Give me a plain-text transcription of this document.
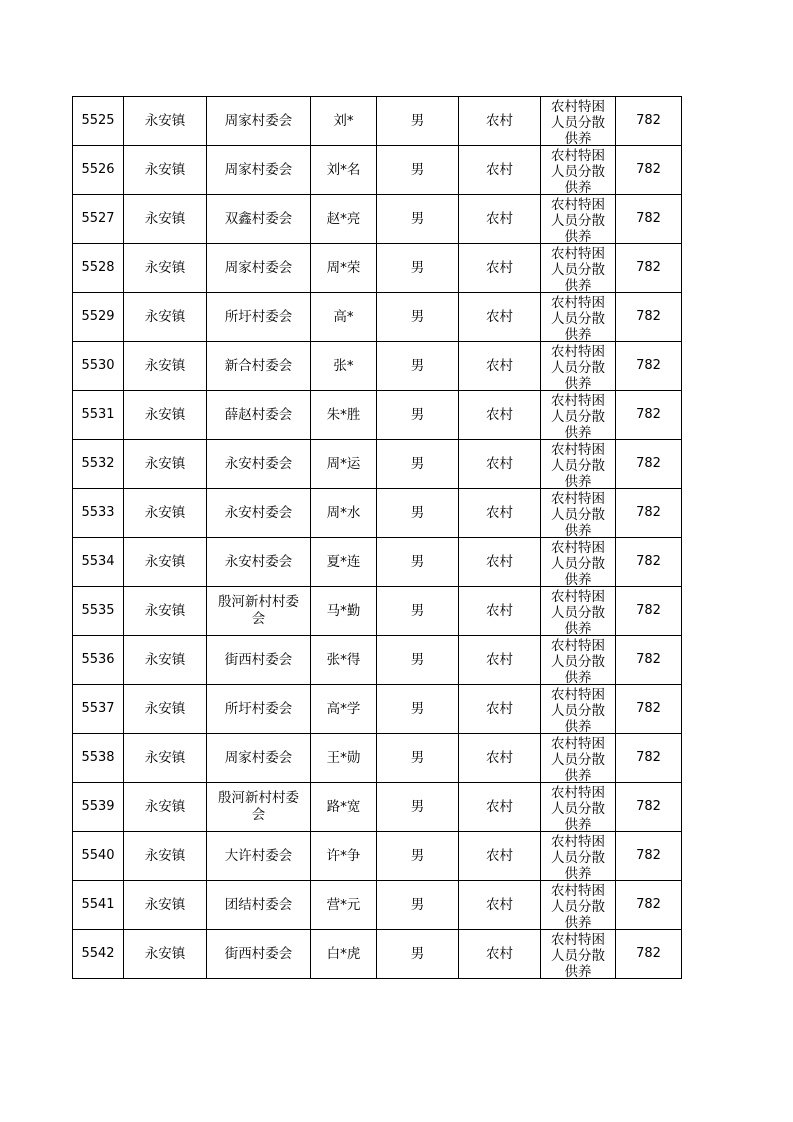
5525	永安镇	周家村委会	刘*	男	农村	农村特困人员分散供养	782
5526	永安镇	周家村委会	刘*名	男	农村	农村特困人员分散供养	782
5527	永安镇	双鑫村委会	赵*亮	男	农村	农村特困人员分散供养	782
5528	永安镇	周家村委会	周*荣	男	农村	农村特困人员分散供养	782
5529	永安镇	所圩村委会	高*	男	农村	农村特困人员分散供养	782
5530	永安镇	新合村委会	张*	男	农村	农村特困人员分散供养	782
5531	永安镇	薛赵村委会	朱*胜	男	农村	农村特困人员分散供养	782
5532	永安镇	永安村委会	周*运	男	农村	农村特困人员分散供养	782
5533	永安镇	永安村委会	周*水	男	农村	农村特困人员分散供养	782
5534	永安镇	永安村委会	夏*连	男	农村	农村特困人员分散供养	782
5535	永安镇	殷河新村村委会	马*勤	男	农村	农村特困人员分散供养	782
5536	永安镇	街西村委会	张*得	男	农村	农村特困人员分散供养	782
5537	永安镇	所圩村委会	高*学	男	农村	农村特困人员分散供养	782
5538	永安镇	周家村委会	王*勋	男	农村	农村特困人员分散供养	782
5539	永安镇	殷河新村村委会	路*宽	男	农村	农村特困人员分散供养	782
5540	永安镇	大许村委会	许*争	男	农村	农村特困人员分散供养	782
5541	永安镇	团结村委会	营*元	男	农村	农村特困人员分散供养	782
5542	永安镇	街西村委会	白*虎	男	农村	农村特困人员分散供养	782
